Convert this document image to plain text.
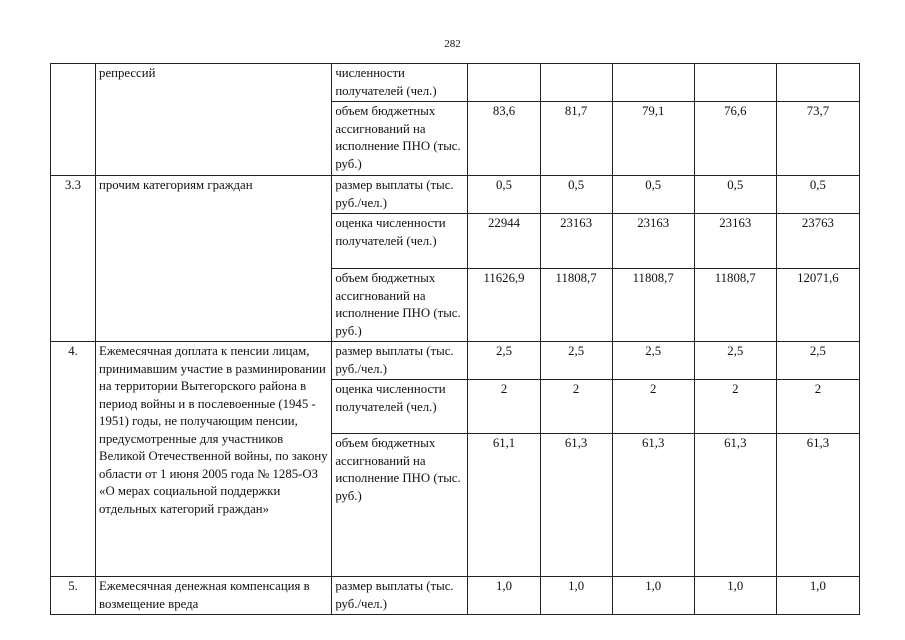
282
	репрессий	численности получателей (чел.)					
		объем бюджетных ассигнований на исполнение ПНО (тыс. руб.)	83,6	81,7	79,1	76,6	73,7
3.3	прочим категориям граждан	размер выплаты (тыс. руб./чел.)	0,5	0,5	0,5	0,5	0,5
		оценка численности получателей (чел.)	22944	23163	23163	23163	23763
		объем бюджетных ассигнований на исполнение ПНО (тыс. руб.)	11626,9	11808,7	11808,7	11808,7	12071,6
4.	Ежемесячная доплата к пенсии лицам, принимавшим участие в разминировании на территории Вытегорского района в период войны и в послевоенные (1945 - 1951) годы, не получающим пенсии, предусмотренные для участников Великой Отечественной войны, по закону области от 1 июня 2005 года № 1285-ОЗ «О мерах социальной поддержки отдельных категорий граждан»	размер выплаты (тыс. руб./чел.)	2,5	2,5	2,5	2,5	2,5
		оценка численности получателей (чел.)	2	2	2	2	2
		объем бюджетных ассигнований на исполнение ПНО (тыс. руб.)	61,1	61,3	61,3	61,3	61,3
5.	Ежемесячная денежная компенсация в возмещение вреда	размер выплаты (тыс. руб./чел.)	1,0	1,0	1,0	1,0	1,0
